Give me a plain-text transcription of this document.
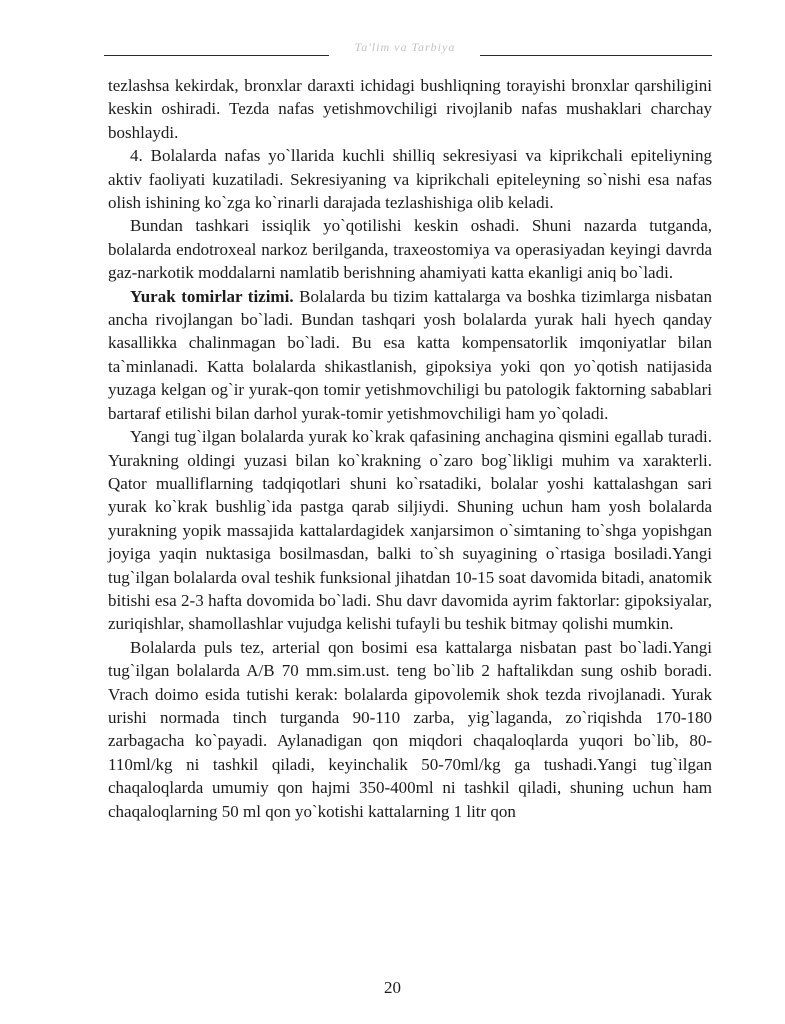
Ta'lim va Tarbiya

tezlashsa kekirdak, bronxlar daraxti ichidagi bushliqning torayishi bronxlar qarshiligini keskin oshiradi. Tezda nafas yetishmovchiligi rivojlanib nafas mushaklari charchay boshlaydi.

4. Bolalarda nafas yo`llarida kuchli shilliq sekresiyasi va kiprikchali epiteliyning aktiv faoliyati kuzatiladi. Sekresiyaning va kiprikchali epiteleyning so`nishi esa nafas olish ishining ko`zga ko`rinarli darajada tezlashishiga olib keladi.

Bundan tashkari issiqlik yo`qotilishi keskin oshadi. Shuni nazarda tutganda, bolalarda endotroxeal narkoz berilganda, traxeostomiya va operasiyadan keyingi davrda gaz-narkotik moddalarni namlatib berishning ahamiyati katta ekanligi aniq bo`ladi.

Yurak tomirlar tizimi. Bolalarda bu tizim kattalarga va boshka tizimlarga nisbatan ancha rivojlangan bo`ladi. Bundan tashqari yosh bolalarda yurak hali hyech qanday kasallikka chalinmagan bo`ladi. Bu esa katta kompensatorlik imqoniyatlar bilan ta`minlanadi. Katta bolalarda shikastlanish, gipoksiya yoki qon yo`qotish natijasida yuzaga kelgan og`ir yurak-qon tomir yetishmovchiligi bu patologik faktorning sabablari bartaraf etilishi bilan darhol yurak-tomir yetishmovchiligi ham yo`qoladi.

Yangi tug`ilgan bolalarda yurak ko`krak qafasining anchagina qismini egallab turadi. Yurakning oldingi yuzasi bilan ko`krakning o`zaro bog`likligi muhim va xarakterli. Qator mualliflarning tadqiqotlari shuni ko`rsatadiki, bolalar yoshi kattalashgan sari yurak ko`krak bushlig`ida pastga qarab siljiydi. Shuning uchun ham yosh bolalarda yurakning yopik massajida kattalardagidek xanjarsimon o`simtaning to`shga yopishgan joyiga yaqin nuktasiga bosilmasdan, balki to`sh suyagining o`rtasiga bosiladi.Yangi tug`ilgan bolalarda oval teshik funksional jihatdan 10-15 soat davomida bitadi, anatomik bitishi esa 2-3 hafta dovomida bo`ladi. Shu davr davomida ayrim faktorlar: gipoksiyalar, zuriqishlar, shamollashlar vujudga kelishi tufayli bu teshik bitmay qolishi mumkin.

Bolalarda puls tez, arterial qon bosimi esa kattalarga nisbatan past bo`ladi.Yangi tug`ilgan bolalarda A/B 70 mm.sim.ust. teng bo`lib 2 haftalikdan sung oshib boradi. Vrach doimo esida tutishi kerak: bolalarda gipovolemik shok tezda rivojlanadi. Yurak urishi normada tinch turganda 90-110 zarba, yig`laganda, zo`riqishda 170-180 zarbagacha ko`payadi. Aylanadigan qon miqdori chaqaloqlarda yuqori bo`lib, 80-110ml/kg ni tashkil qiladi, keyinchalik 50-70ml/kg ga tushadi.Yangi tug`ilgan chaqaloqlarda umumiy qon hajmi 350-400ml ni tashkil qiladi, shuning uchun ham chaqaloqlarning 50 ml qon yo`kotishi kattalarning 1 litr qon

20
